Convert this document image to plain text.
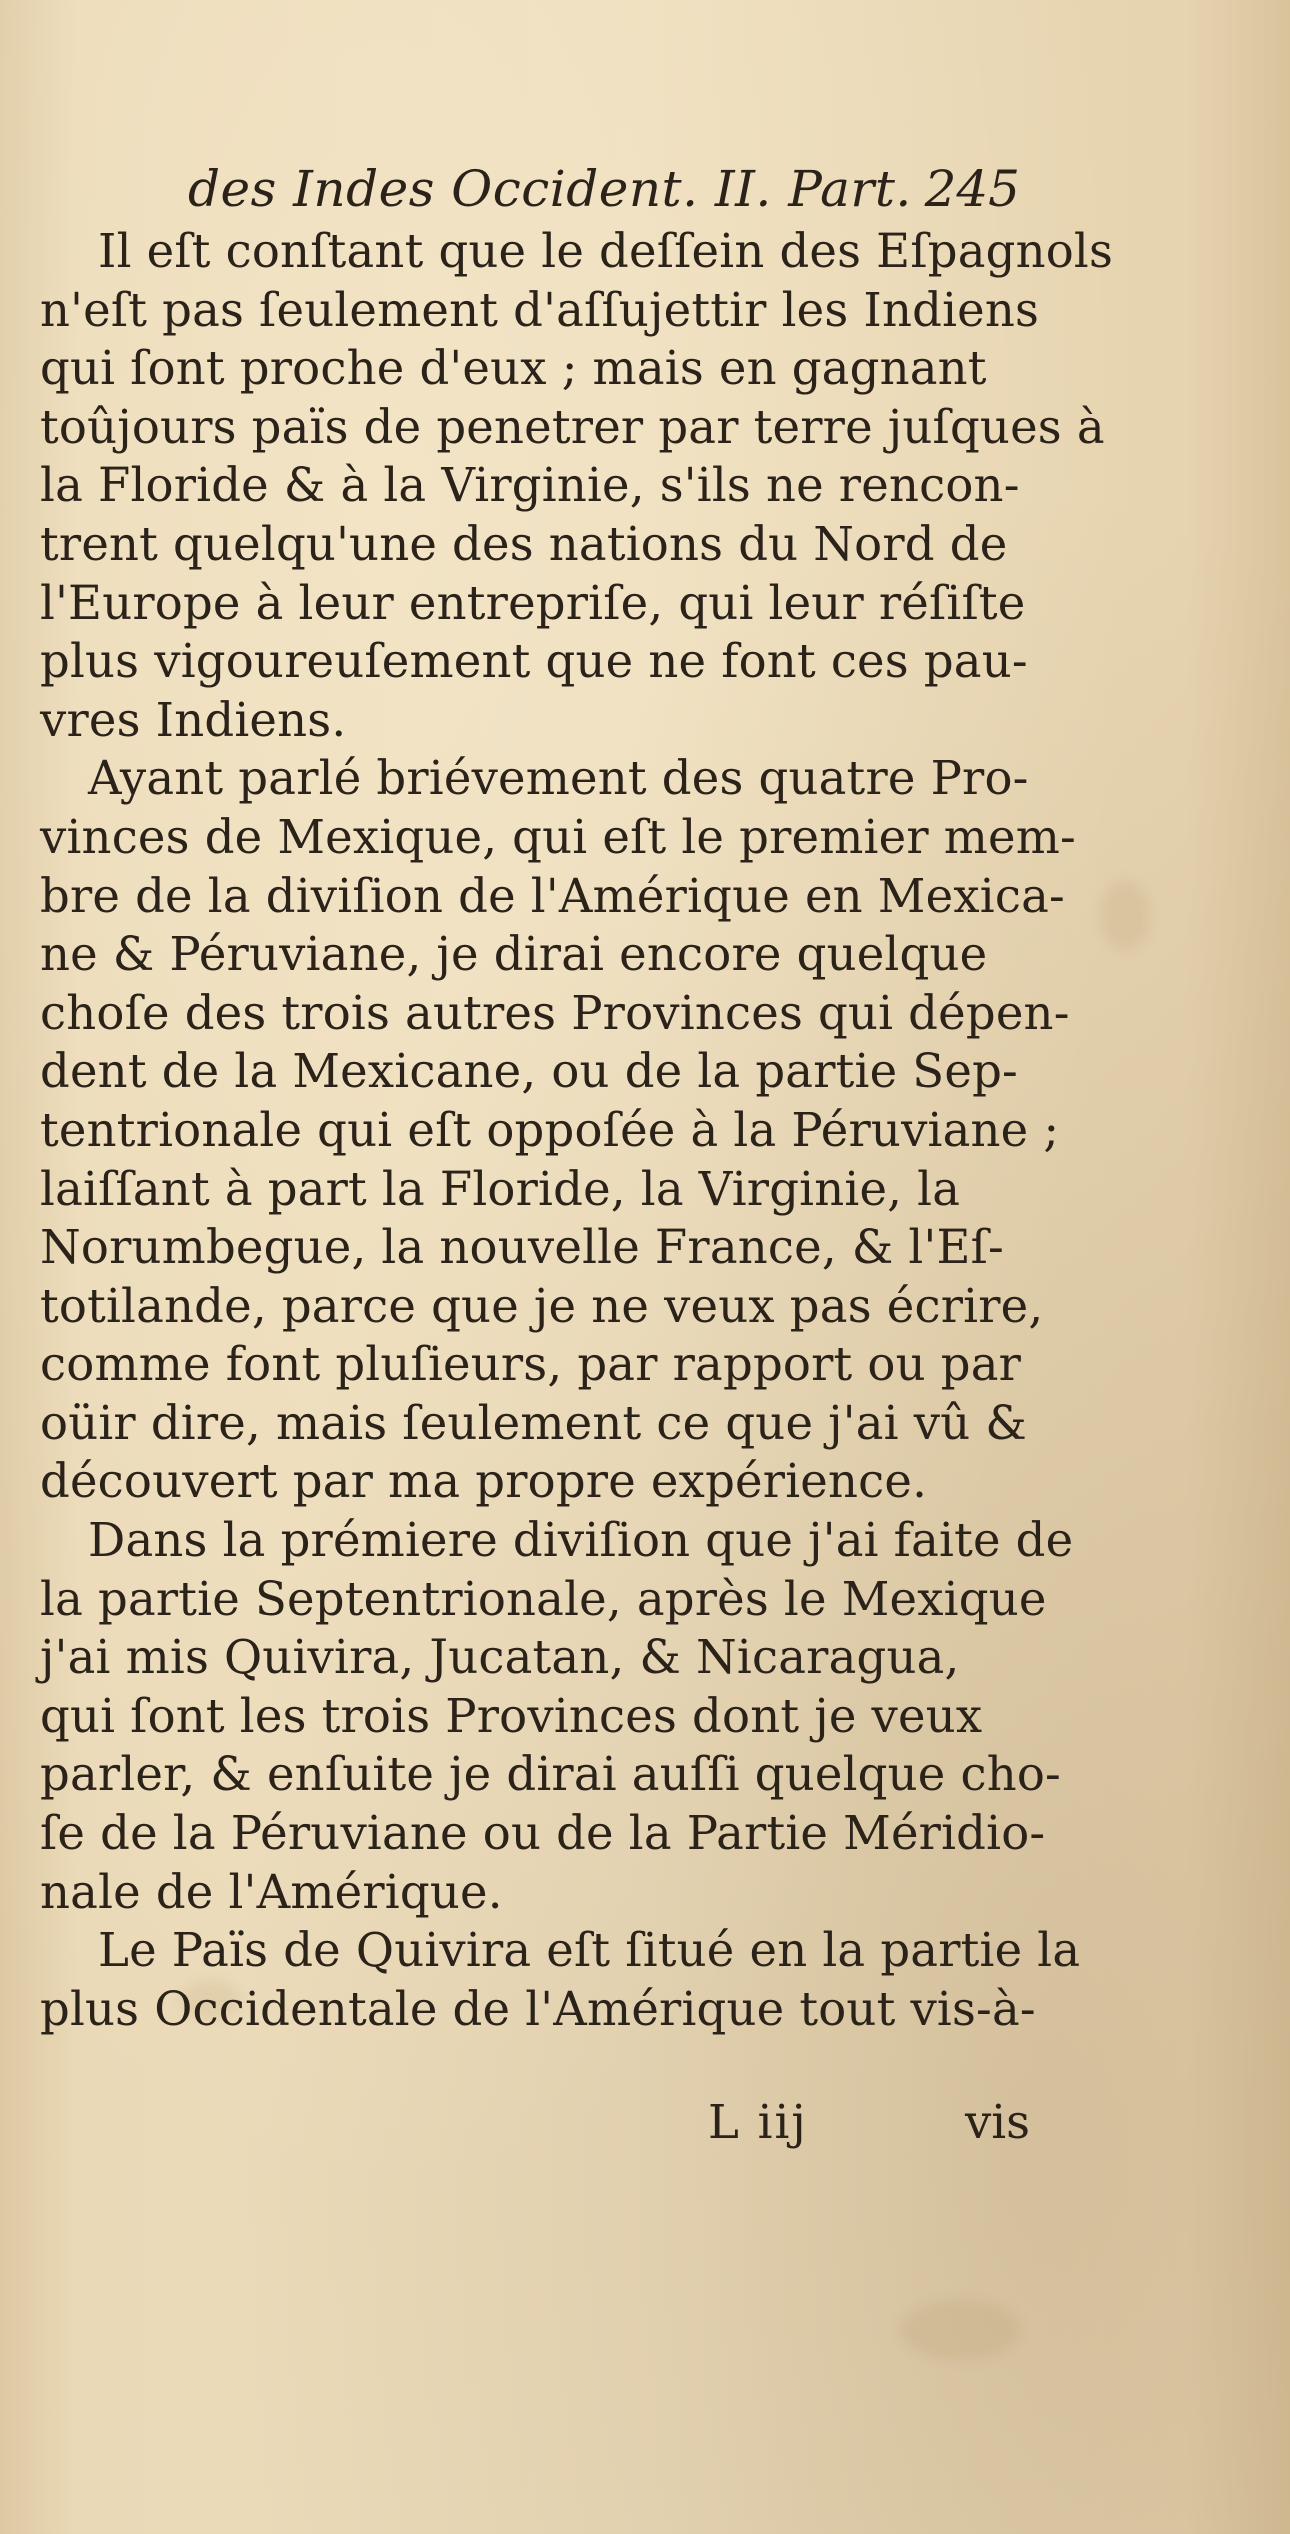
des Indes Occident. II. Part. 245
Il eſt conſtant que le deſſein des Eſpagnols
n'eſt pas ſeulement d'aſſujettir les Indiens
qui ſont proche d'eux ; mais en gagnant
toûjours païs de penetrer par terre juſques à
la Floride & à la Virginie, s'ils ne rencon-
trent quelqu'une des nations du Nord de
l'Europe à leur entrepriſe, qui leur réſiſte
plus vigoureuſement que ne font ces pau-
vres Indiens.
Ayant parlé briévement des quatre Pro-
vinces de Mexique, qui eſt le premier mem-
bre de la diviſion de l'Amérique en Mexica-
ne & Péruviane, je dirai encore quelque
choſe des trois autres Provinces qui dépen-
dent de la Mexicane, ou de la partie Sep-
tentrionale qui eſt oppoſée à la Péruviane ;
laiſſant à part la Floride, la Virginie, la
Norumbegue, la nouvelle France, & l'Eſ-
totilande, parce que je ne veux pas écrire,
comme font pluſieurs, par rapport ou par
oüir dire, mais ſeulement ce que j'ai vû &
découvert par ma propre expérience.
Dans la prémiere diviſion que j'ai faite de
la partie Septentrionale, après le Mexique
j'ai mis Quivira, Jucatan, & Nicaragua,
qui ſont les trois Provinces dont je veux
parler, & enſuite je dirai auſſi quelque cho-
ſe de la Péruviane ou de la Partie Méridio-
nale de l'Amérique.
Le Païs de Quivira eſt ſitué en la partie la
plus Occidentale de l'Amérique tout vis-à-
L iij	vis
